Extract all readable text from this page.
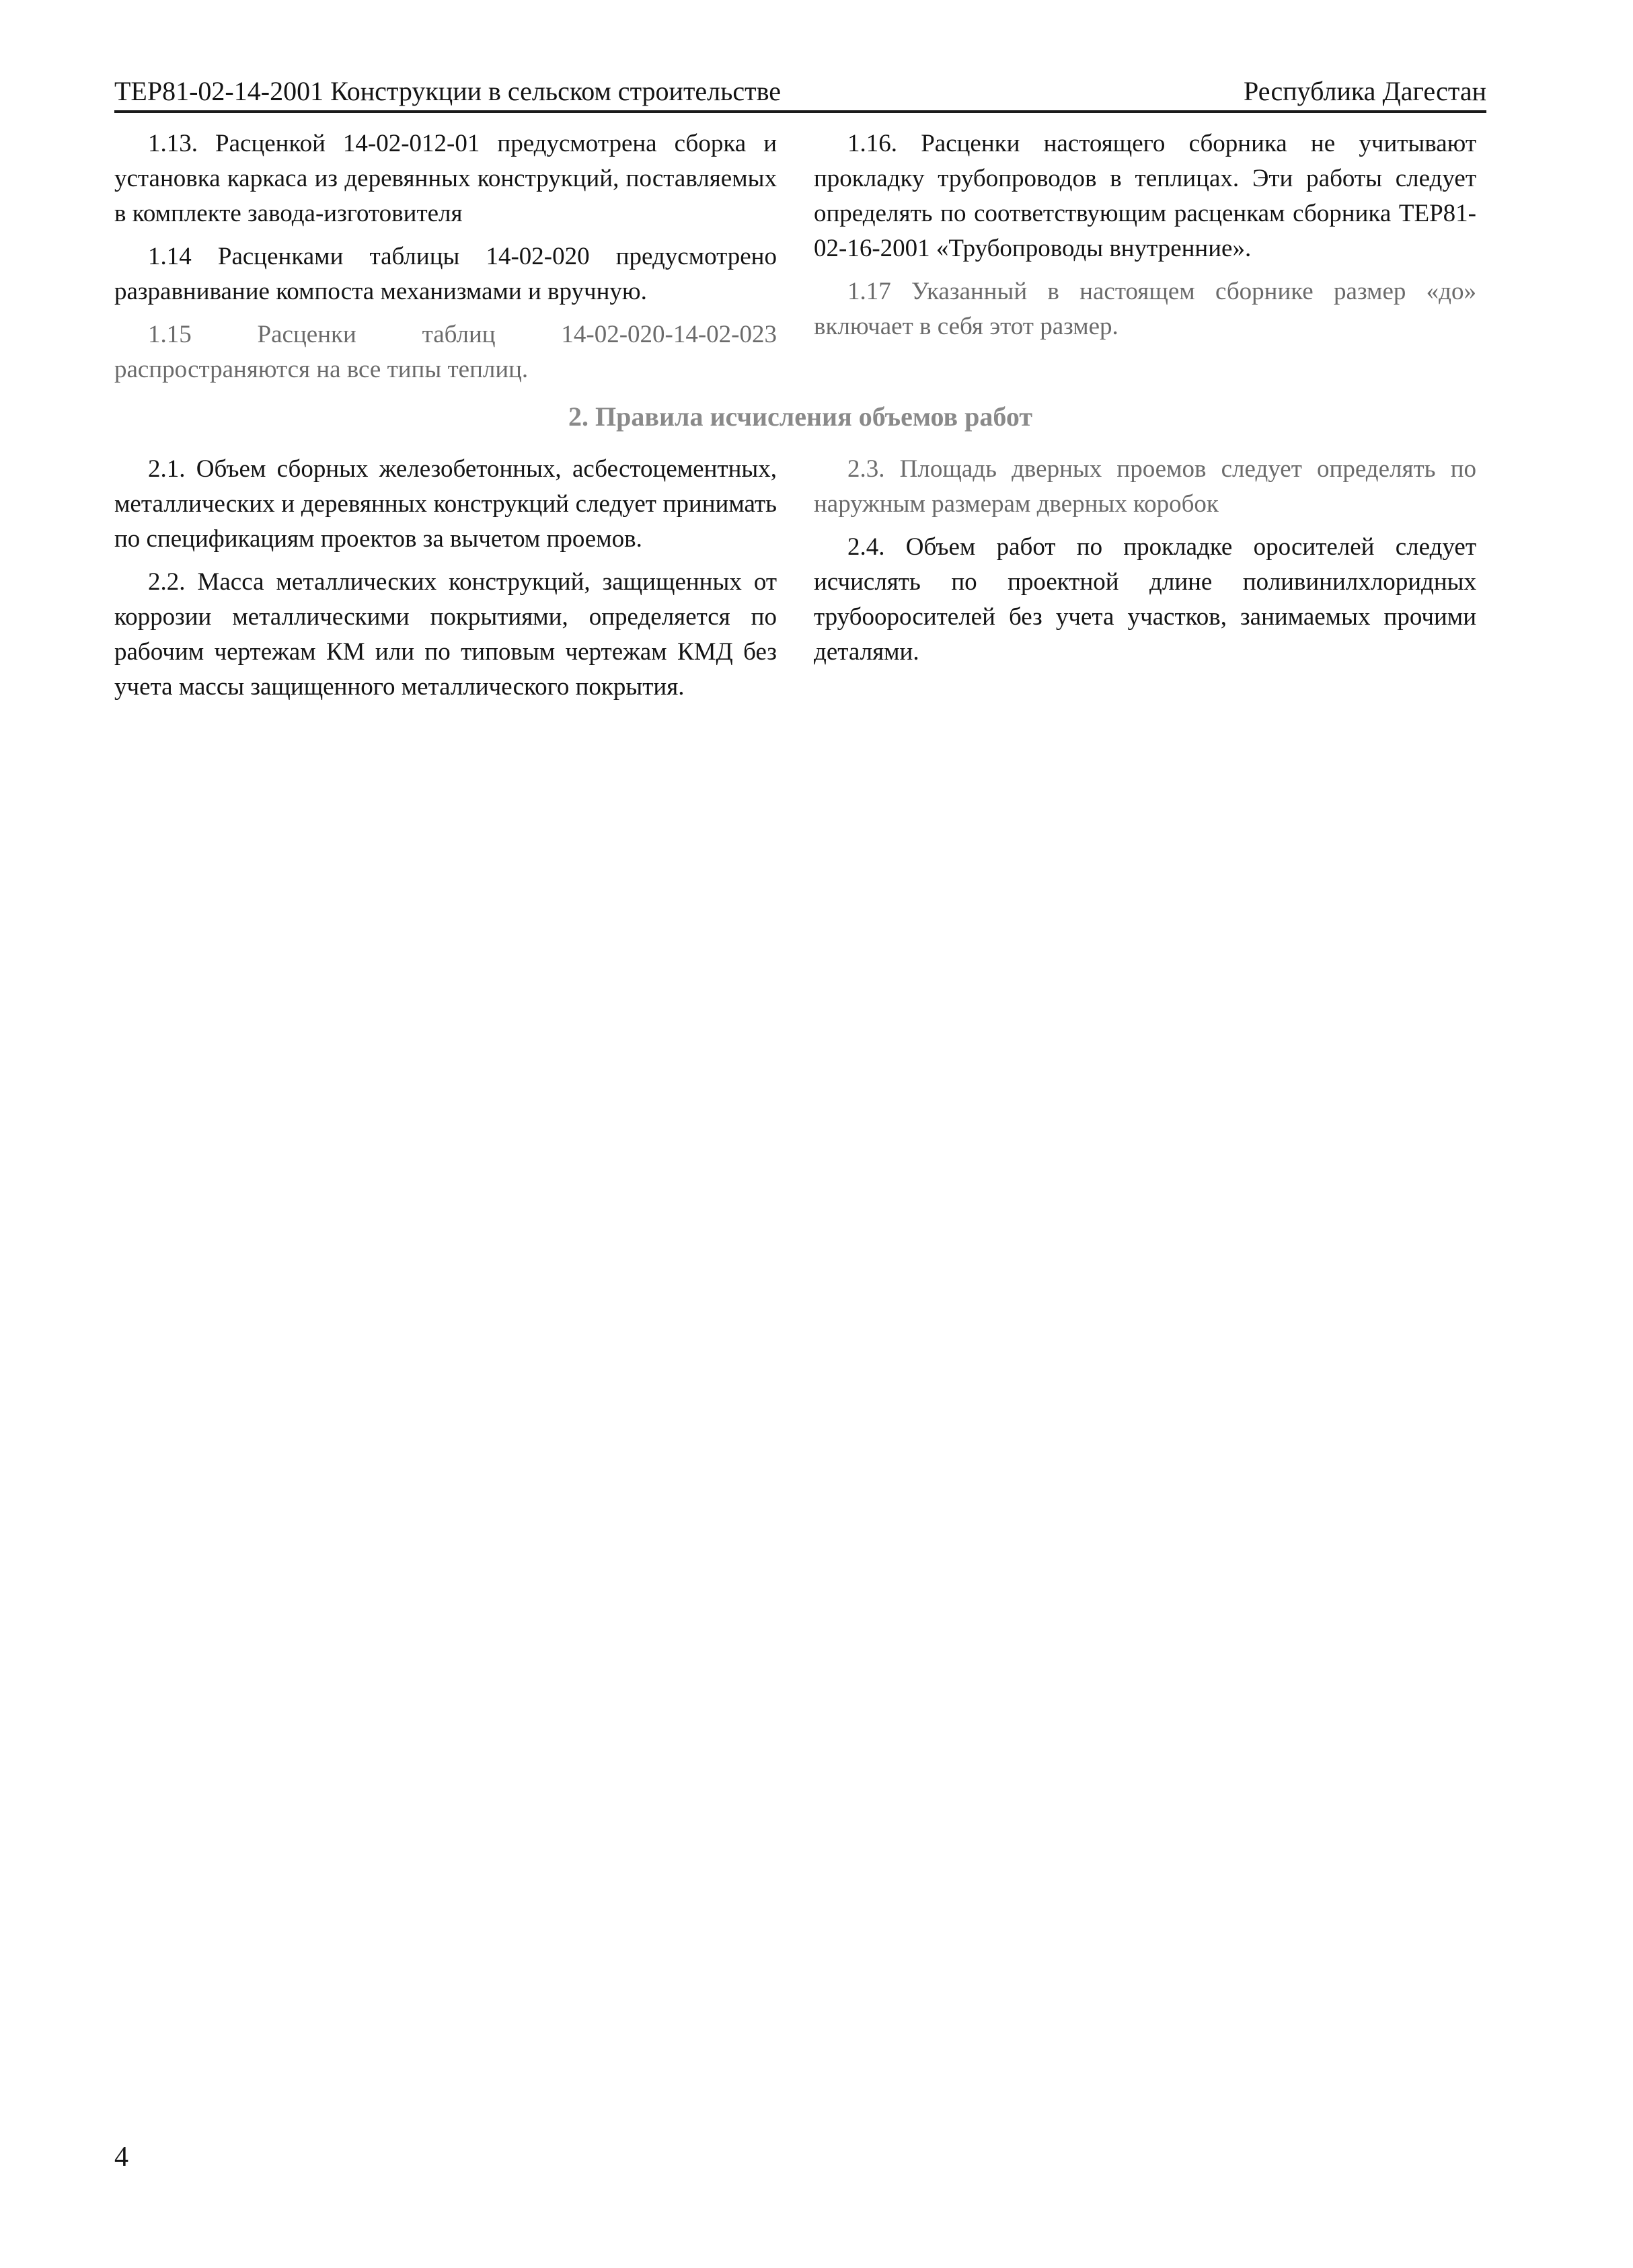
ТЕР81-02-14-2001 Конструкции в сельском строительстве	Республика Дагестан

1.13. Расценкой 14-02-012-01 предусмотрена сборка и установка каркаса из деревянных конструкций, поставляемых в комплекте завода-изготовителя

1.14 Расценками таблицы 14-02-020 предусмотрено разравнивание компоста механизмами и вручную.

1.15 Расценки таблиц 14-02-020-14-02-023 распространяются на все типы теплиц.

1.16. Расценки настоящего сборника не учитывают прокладку трубопроводов в теплицах. Эти работы следует определять по соответствующим расценкам сборника ТЕР81-02-16-2001 «Трубопроводы внутренние».

1.17 Указанный в настоящем сборнике размер «до» включает в себя этот размер.

2. Правила исчисления объемов работ

2.1. Объем сборных железобетонных, асбестоцементных, металлических и деревянных конструкций следует принимать по спецификациям проектов за вычетом проемов.

2.2. Масса металлических конструкций, защищенных от коррозии металлическими покрытиями, определяется по рабочим чертежам КМ или по типовым чертежам КМД без учета массы защищенного металлического покрытия.

2.3. Площадь дверных проемов следует определять по наружным размерам дверных коробок

2.4. Объем работ по прокладке оросителей следует исчислять по проектной длине поливинилхлоридных трубооросителей без учета участков, занимаемых прочими деталями.

4
